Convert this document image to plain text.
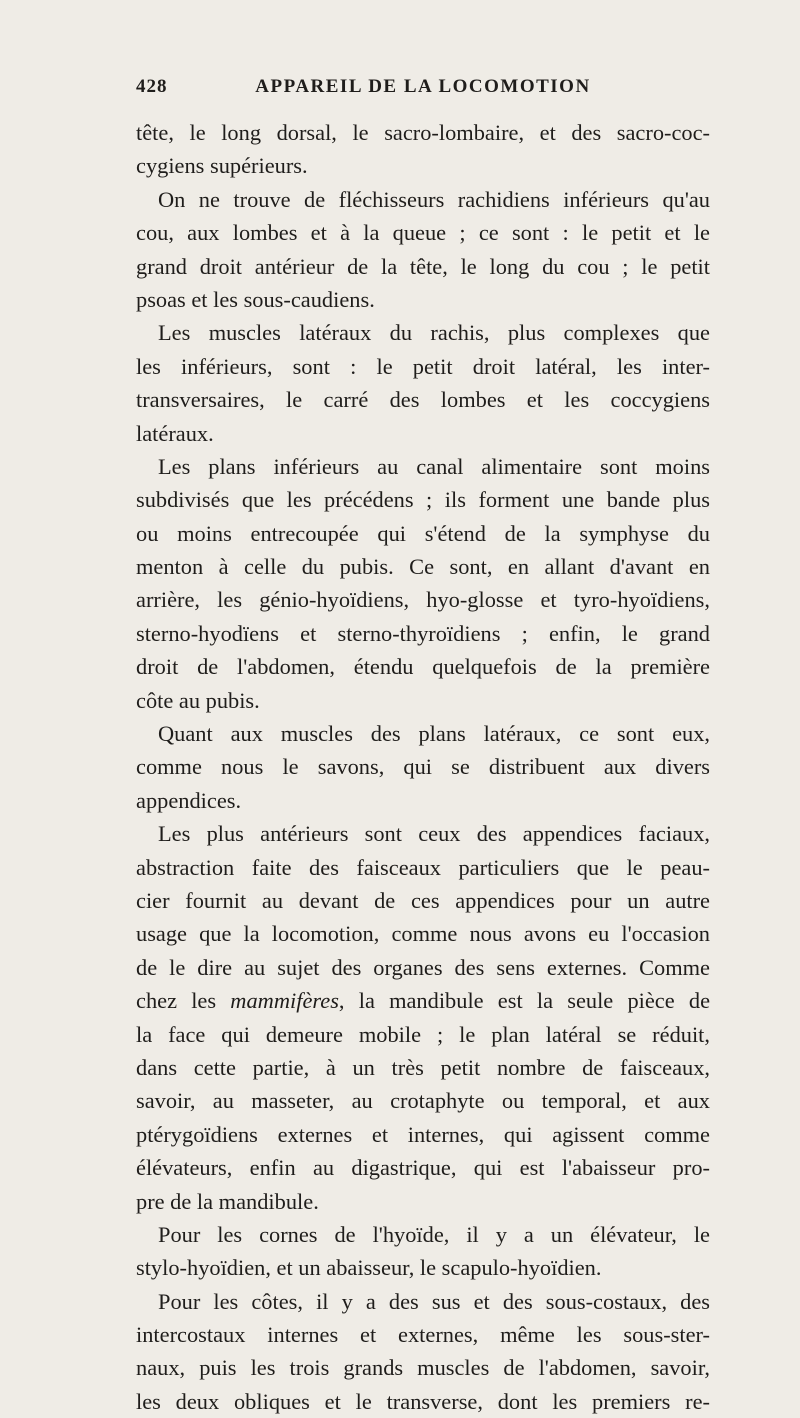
428	APPAREIL DE LA LOCOMOTION
tête, le long dorsal, le sacro-lombaire, et des sacro-coc-
cygiens supérieurs.
On ne trouve de fléchisseurs rachidiens inférieurs qu'au
cou, aux lombes et à la queue ; ce sont : le petit et le
grand droit antérieur de la tête, le long du cou ; le petit
psoas et les sous-caudiens.
Les muscles latéraux du rachis, plus complexes que
les inférieurs, sont : le petit droit latéral, les inter-
transversaires, le carré des lombes et les coccygiens
latéraux.
Les plans inférieurs au canal alimentaire sont moins
subdivisés que les précédens ; ils forment une bande plus
ou moins entrecoupée qui s'étend de la symphyse du
menton à celle du pubis. Ce sont, en allant d'avant en
arrière, les génio-hyoïdiens, hyo-glosse et tyro-hyoïdiens,
sterno-hyodïens et sterno-thyroïdiens ; enfin, le grand
droit de l'abdomen, étendu quelquefois de la première
côte au pubis.
Quant aux muscles des plans latéraux, ce sont eux,
comme nous le savons, qui se distribuent aux divers
appendices.
Les plus antérieurs sont ceux des appendices faciaux,
abstraction faite des faisceaux particuliers que le peau-
cier fournit au devant de ces appendices pour un autre
usage que la locomotion, comme nous avons eu l'occasion
de le dire au sujet des organes des sens externes. Comme
chez les mammifères, la mandibule est la seule pièce de
la face qui demeure mobile ; le plan latéral se réduit,
dans cette partie, à un très petit nombre de faisceaux,
savoir, au masseter, au crotaphyte ou temporal, et aux
ptérygoïdiens externes et internes, qui agissent comme
élévateurs, enfin au digastrique, qui est l'abaisseur pro-
pre de la mandibule.
Pour les cornes de l'hyoïde, il y a un élévateur, le
stylo-hyoïdien, et un abaisseur, le scapulo-hyoïdien.
Pour les côtes, il y a des sus et des sous-costaux, des
intercostaux internes et externes, même les sous-ster-
naux, puis les trois grands muscles de l'abdomen, savoir,
les deux obliques et le transverse, dont les premiers re-
